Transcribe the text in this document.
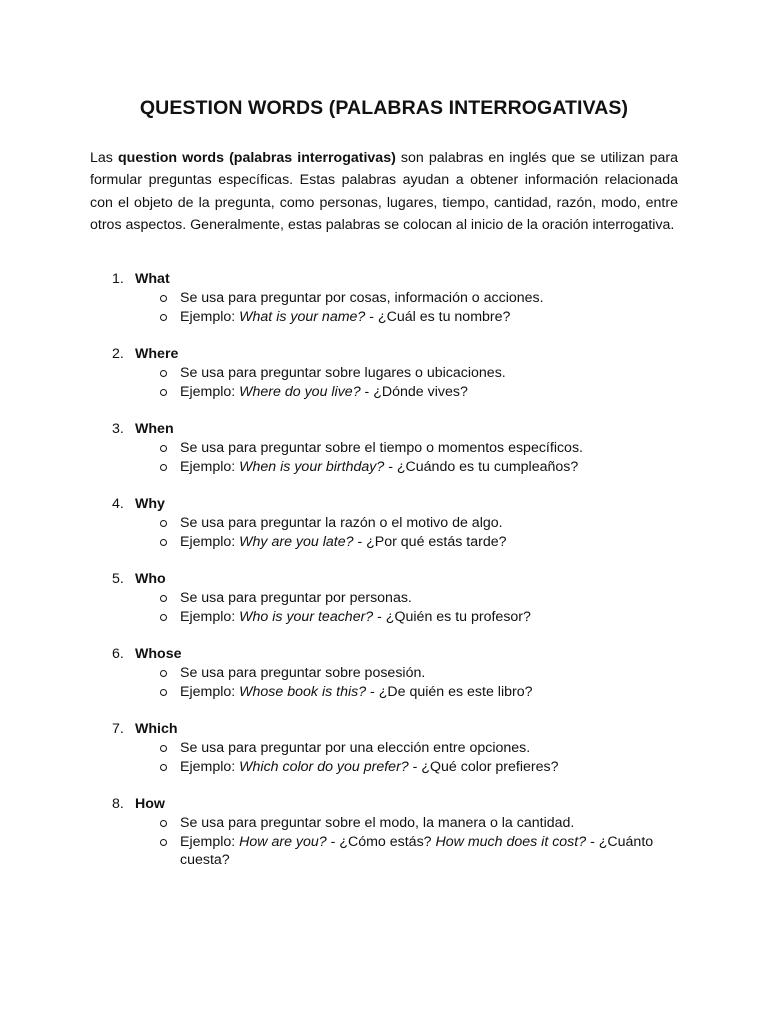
QUESTION WORDS (PALABRAS INTERROGATIVAS)

Las question words (palabras interrogativas) son palabras en inglés que se utilizan para formular preguntas específicas. Estas palabras ayudan a obtener información relacionada con el objeto de la pregunta, como personas, lugares, tiempo, cantidad, razón, modo, entre otros aspectos. Generalmente, estas palabras se colocan al inicio de la oración interrogativa.

1. What
Se usa para preguntar por cosas, información o acciones.
Ejemplo: What is your name? - ¿Cuál es tu nombre?
2. Where
Se usa para preguntar sobre lugares o ubicaciones.
Ejemplo: Where do you live? - ¿Dónde vives?
3. When
Se usa para preguntar sobre el tiempo o momentos específicos.
Ejemplo: When is your birthday? - ¿Cuándo es tu cumpleaños?
4. Why
Se usa para preguntar la razón o el motivo de algo.
Ejemplo: Why are you late? - ¿Por qué estás tarde?
5. Who
Se usa para preguntar por personas.
Ejemplo: Who is your teacher? - ¿Quién es tu profesor?
6. Whose
Se usa para preguntar sobre posesión.
Ejemplo: Whose book is this? - ¿De quién es este libro?
7. Which
Se usa para preguntar por una elección entre opciones.
Ejemplo: Which color do you prefer? - ¿Qué color prefieres?
8. How
Se usa para preguntar sobre el modo, la manera o la cantidad.
Ejemplo: How are you? - ¿Cómo estás? How much does it cost? - ¿Cuánto cuesta?
